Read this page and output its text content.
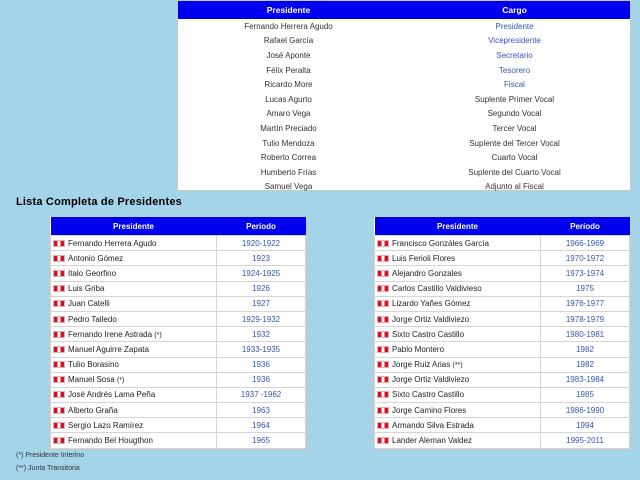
Presidente	Cargo
Fernando Herrera Agudo	Presidente
Rafael García	Vicepresidente
José Aponte	Secretario
Félix Peralta	Tesorero
Ricardo More	Fiscal
Lucas Agurto	Suplente Primer Vocal
Amaro Vega	Segundo Vocal
Martín Preciado	Tercer Vocal
Tulio Mendoza	Suplente del Tercer Vocal
Roberto Correa	Cuarto Vocal
Humberto Frías	Suplente del Cuarto Vocal
Samuel Vega	Adjunto al Fiscal
Lista Completa de Presidentes
Presidente	Período
Fernando Herrera Agudo	1920-1922
Antonio Gómez	1923
Italo Georfino	1924-1925
Luis Griba	1926
Juan Catelli	1927
Pedro Talledo	1929-1932
Fernando Irene Astrada (*)	1932
Manuel Aguirre Zapata	1933-1935
Tulio Borasino	1936
Manuel Sosa (*)	1936
José Andrés Lama Peña	1937 -1962
Alberto Graña	1963
Sergio Lazo Ramírez	1964
Fernando Bel Hougthon	1965
Presidente	Período
Francisco Gonzáles García	1966-1969
Luis Ferioli Flores	1970-1972
Alejandro Gonzales	1973-1974
Carlos Castillo Valdivieso	1975
Lizardo Yañes Gómez	1976-1977
Jorge Ortiz Valdiviezo	1978-1979
Sixto Castro Castillo	1980-1981
Pablo Montero	1982
Jorge Ruiz Arias (**)	1982
Jorge Ortiz Valdiviezo	1983-1984
Sixto Castro Castillo	1985
Jorge Camino Flores	1986-1990
Armando Silva Estrada	1994
Lander Aleman Valdez	1995-2011
(*) Presidente Interino
(**) Junta Transitoria
